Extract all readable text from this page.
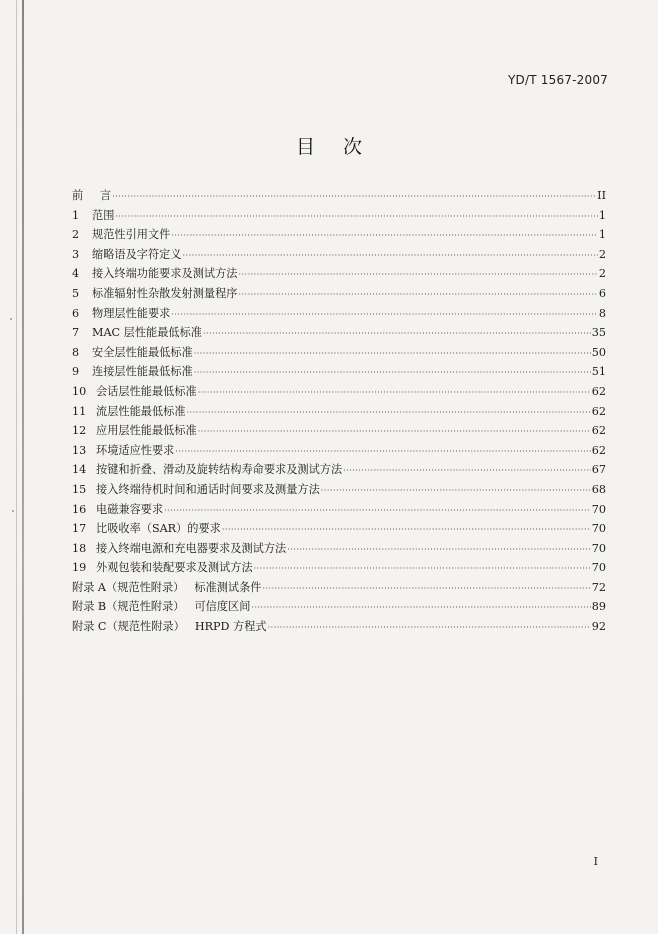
YD/T 1567-2007
目次
前	言 ·····	II
1	范围 ·····	1
2	规范性引用文件 ·····	1
3	缩略语及字符定义 ·····	2
4	接入终端功能要求及测试方法 ·····	2
5	标准辐射性杂散发射测量程序 ·····	6
6	物理层性能要求 ·····	8
7	MAC 层性能最低标准 ·····	35
8	安全层性能最低标准 ·····	50
9	连接层性能最低标准 ·····	51
10 会话层性能最低标准 ·····	62
11 流层性能最低标准 ·····	62
12 应用层性能最低标准 ·····	62
13 环境适应性要求 ·····	62
14 按键和折叠、滑动及旋转结构寿命要求及测试方法 ·····	67
15 接入终端待机时间和通话时间要求及测量方法 ·····	68
16 电磁兼容要求 ·····	70
17 比吸收率（SAR）的要求 ·····	70
18 接入终端电源和充电器要求及测试方法 ·····	70
19 外观包装和装配要求及测试方法 ·····	70
附录 A（规范性附录） 标准测试条件 ·····	72
附录 B（规范性附录） 可信度区间 ·····	89
附录 C（规范性附录） HRPD 方程式 ·····	92
I
